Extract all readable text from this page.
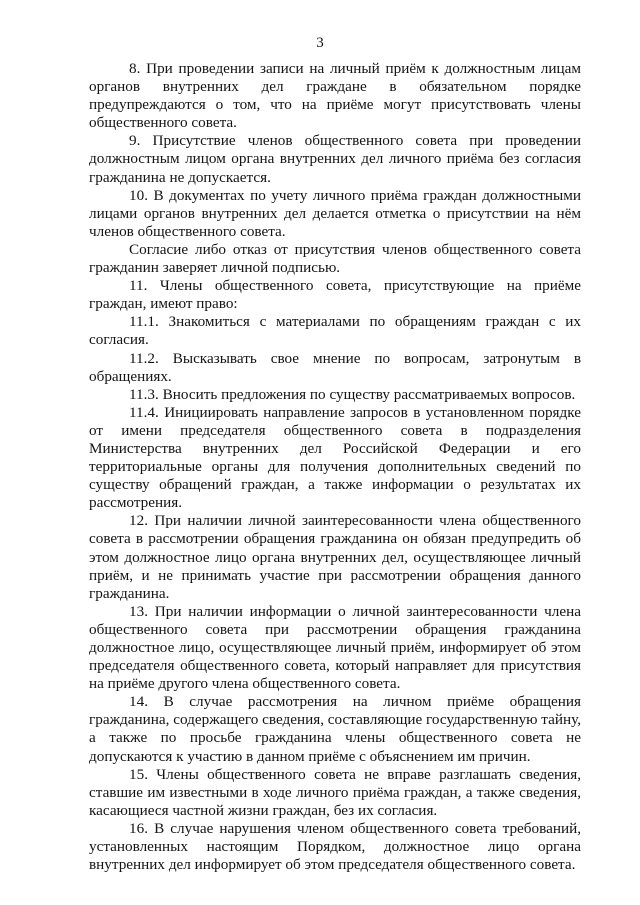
3

8. При проведении записи на личный приём к должностным лицам органов внутренних дел граждане в обязательном порядке предупреждаются о том, что на приёме могут присутствовать члены общественного совета.

9. Присутствие членов общественного совета при проведении должностным лицом органа внутренних дел личного приёма без согласия гражданина не допускается.

10. В документах по учету личного приёма граждан должностными лицами органов внутренних дел делается отметка о присутствии на нём членов общественного совета.

Согласие либо отказ от присутствия членов общественного совета гражданин заверяет личной подписью.

11. Члены общественного совета, присутствующие на приёме граждан, имеют право:

11.1. Знакомиться с материалами по обращениям граждан с их согласия.

11.2. Высказывать свое мнение по вопросам, затронутым в обращениях.

11.3. Вносить предложения по существу рассматриваемых вопросов.

11.4. Инициировать направление запросов в установленном порядке от имени председателя общественного совета в подразделения Министерства внутренних дел Российской Федерации и его территориальные органы для получения дополнительных сведений по существу обращений граждан, а также информации о результатах их рассмотрения.

12. При наличии личной заинтересованности члена общественного совета в рассмотрении обращения гражданина он обязан предупредить об этом должностное лицо органа внутренних дел, осуществляющее личный приём, и не принимать участие при рассмотрении обращения данного гражданина.

13. При наличии информации о личной заинтересованности члена общественного совета при рассмотрении обращения гражданина должностное лицо, осуществляющее личный приём, информирует об этом председателя общественного совета, который направляет для присутствия на приёме другого члена общественного совета.

14. В случае рассмотрения на личном приёме обращения гражданина, содержащего сведения, составляющие государственную тайну, а также по просьбе гражданина члены общественного совета не допускаются к участию в данном приёме с объяснением им причин.

15. Члены общественного совета не вправе разглашать сведения, ставшие им известными в ходе личного приёма граждан, а также сведения, касающиеся частной жизни граждан, без их согласия.

16. В случае нарушения членом общественного совета требований, установленных настоящим Порядком, должностное лицо органа внутренних дел информирует об этом председателя общественного совета.
